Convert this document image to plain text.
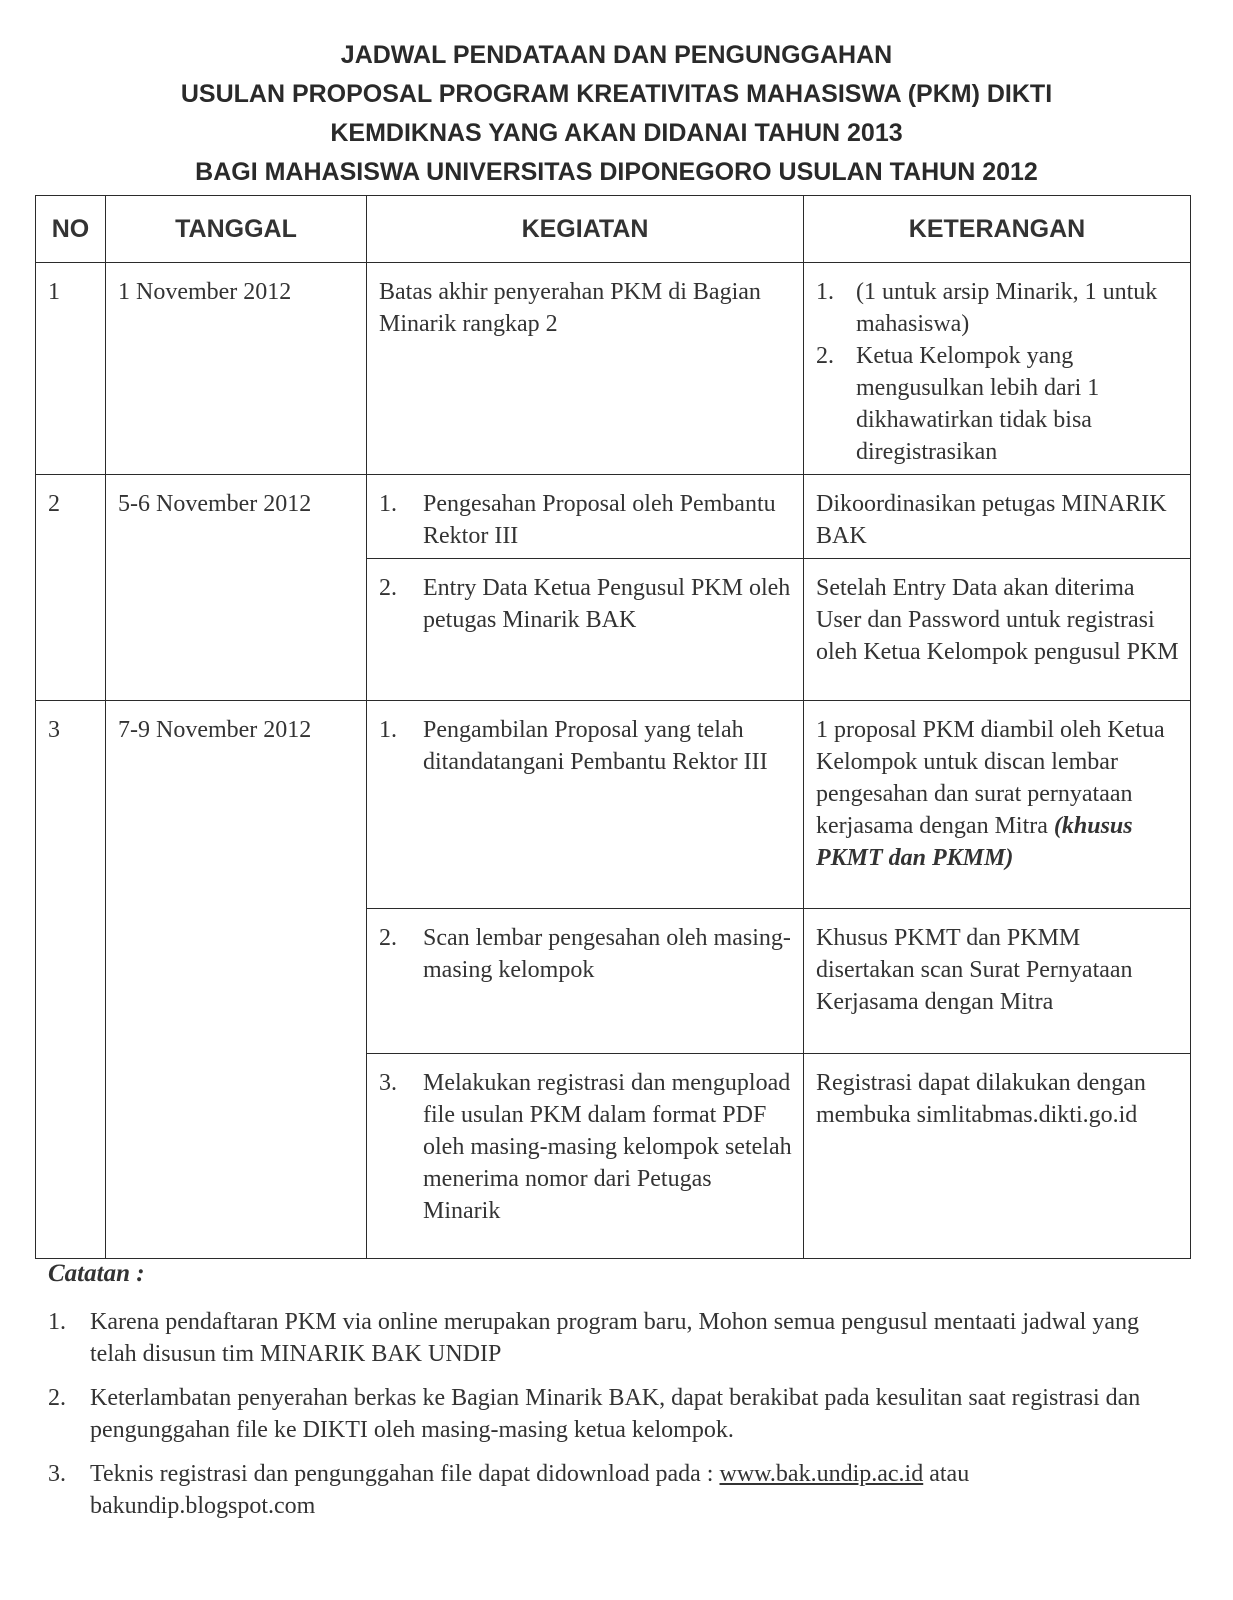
JADWAL PENDATAAN DAN PENGUNGGAHAN
USULAN PROPOSAL PROGRAM KREATIVITAS MAHASISWA (PKM) DIKTI
KEMDIKNAS YANG AKAN DIDANAI TAHUN 2013
BAGI MAHASISWA UNIVERSITAS DIPONEGORO USULAN TAHUN 2012
NO	TANGGAL	KEGIATAN	KETERANGAN
1	1 November 2012	Batas akhir penyerahan PKM di Bagian Minarik rangkap 2	1. (1 untuk arsip Minarik, 1 untuk mahasiswa)
2. Ketua Kelompok yang mengusulkan lebih dari 1 dikhawatirkan tidak bisa diregistrasikan

2	5-6 November 2012	1. Pengesahan Proposal oleh Pembantu Rektor III	Dikoordinasikan petugas MINARIK BAK

		2. Entry Data Ketua Pengusul PKM oleh petugas Minarik BAK	Setelah Entry Data akan diterima User dan Password untuk registrasi oleh Ketua Kelompok pengusul PKM
3	7-9 November 2012	1. Pengambilan Proposal yang telah ditandatangani Pembantu Rektor III	1 proposal PKM diambil oleh Ketua Kelompok untuk discan lembar pengesahan dan surat pernyataan kerjasama dengan Mitra (khusus PKMT dan PKMM)

		2. Scan lembar pengesahan oleh masing-masing kelompok	Khusus PKMT dan PKMM disertakan scan Surat Pernyataan Kerjasama dengan Mitra

		3. Melakukan registrasi dan mengupload file usulan PKM dalam format PDF oleh masing-masing kelompok setelah menerima nomor dari Petugas Minarik	Registrasi dapat dilakukan dengan membuka simlitabmas.dikti.go.id
Catatan :
1.	Karena pendaftaran PKM via online merupakan program baru, Mohon semua pengusul mentaati jadwal yang telah disusun tim MINARIK BAK UNDIP
2.	Keterlambatan penyerahan berkas ke Bagian Minarik BAK, dapat berakibat pada kesulitan saat registrasi dan pengunggahan file ke DIKTI oleh masing-masing ketua kelompok.
3.	Teknis registrasi dan pengunggahan file dapat didownload pada : www.bak.undip.ac.id atau bakundip.blogspot.com
